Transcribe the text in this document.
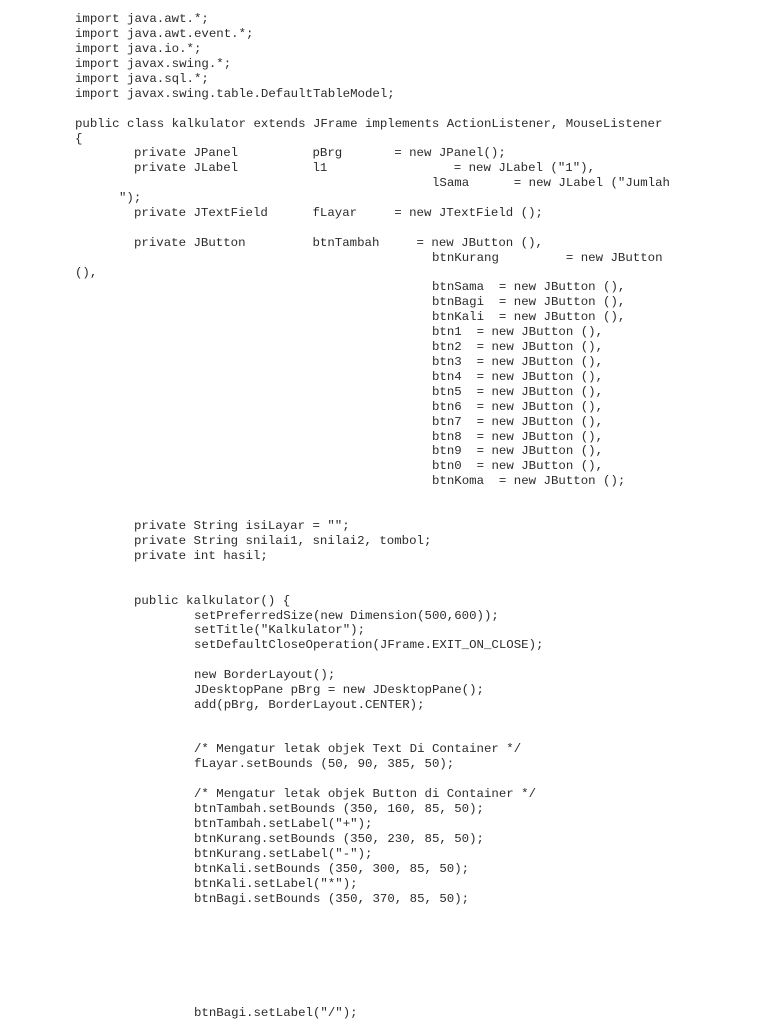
import java.awt.*;
import java.awt.event.*;
import java.io.*;
import javax.swing.*;
import java.sql.*;
import javax.swing.table.DefaultTableModel;
public class kalkulator extends JFrame implements ActionListener, MouseListener
{
private JPanel          pBrg       = new JPanel();
private JLabel          l1                 = new JLabel ("1"),
lSama      = new JLabel ("Jumlah
");
private JTextField      fLayar     = new JTextField ();
private JButton         btnTambah     = new JButton (),
btnKurang         = new JButton
(),
btnSama  = new JButton (),
btnBagi  = new JButton (),
btnKali  = new JButton (),
btn1  = new JButton (),
btn2  = new JButton (),
btn3  = new JButton (),
btn4  = new JButton (),
btn5  = new JButton (),
btn6  = new JButton (),
btn7  = new JButton (),
btn8  = new JButton (),
btn9  = new JButton (),
btn0  = new JButton (),
btnKoma  = new JButton ();
private String isiLayar = "";
private String snilai1, snilai2, tombol;
private int hasil;
public kalkulator() {
setPreferredSize(new Dimension(500,600));
setTitle("Kalkulator");
setDefaultCloseOperation(JFrame.EXIT_ON_CLOSE);
new BorderLayout();
JDesktopPane pBrg = new JDesktopPane();
add(pBrg, BorderLayout.CENTER);
/* Mengatur letak objek Text Di Container */
fLayar.setBounds (50, 90, 385, 50);
/* Mengatur letak objek Button di Container */
btnTambah.setBounds (350, 160, 85, 50);
btnTambah.setLabel("+");
btnKurang.setBounds (350, 230, 85, 50);
btnKurang.setLabel("-");
btnKali.setBounds (350, 300, 85, 50);
btnKali.setLabel("*");
btnBagi.setBounds (350, 370, 85, 50);
btnBagi.setLabel("/");
